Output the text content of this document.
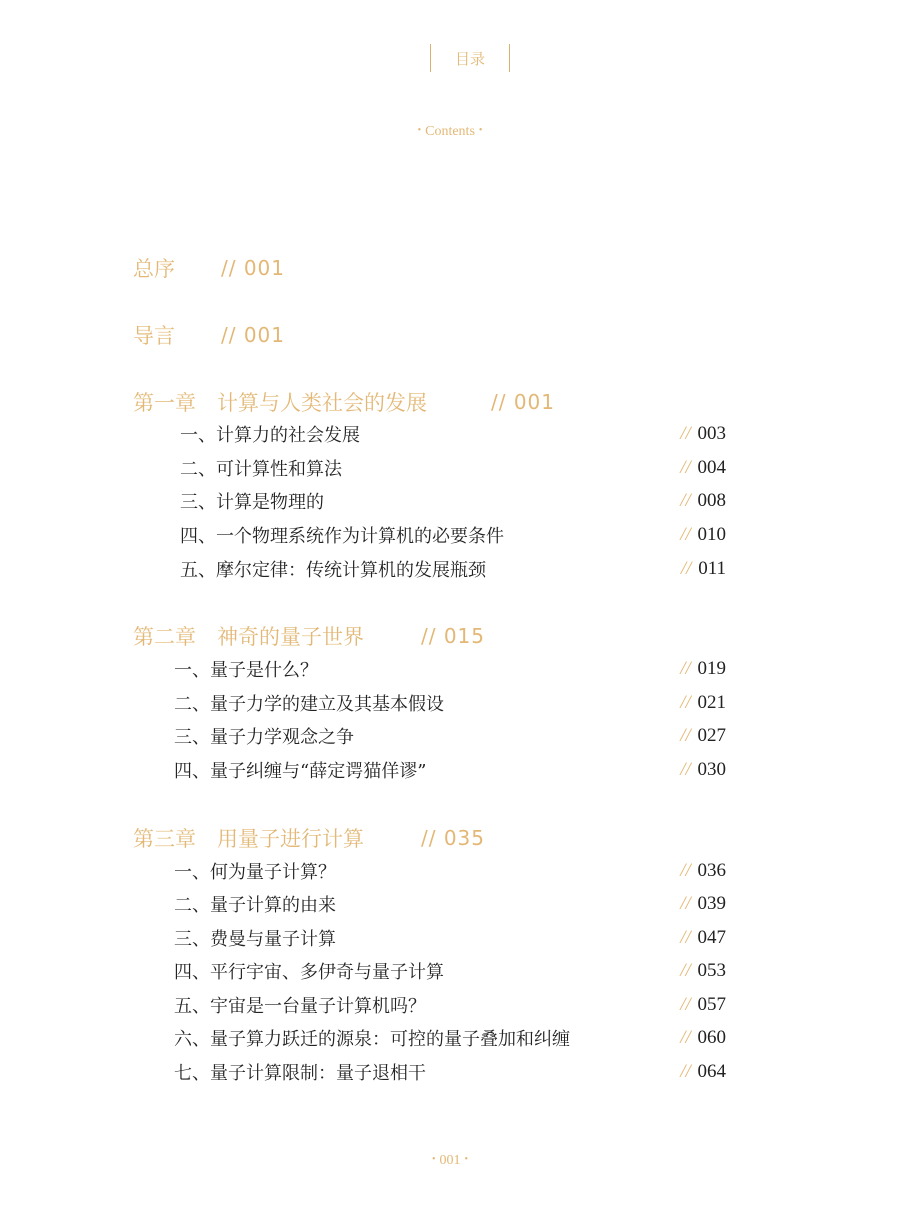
目录
• Contents •
总序	// 001
导言	// 001
第一章　计算与人类社会的发展	// 001
一、计算力的社会发展	// 003
二、可计算性和算法	// 004
三、计算是物理的	// 008
四、一个物理系统作为计算机的必要条件	// 010
五、摩尔定律：传统计算机的发展瓶颈	// 011
第二章　神奇的量子世界	// 015
一、量子是什么？	// 019
二、量子力学的建立及其基本假设	// 021
三、量子力学观念之争	// 027
四、量子纠缠与“薛定谔猫佯谬”	// 030
第三章　用量子进行计算	// 035
一、何为量子计算？	// 036
二、量子计算的由来	// 039
三、费曼与量子计算	// 047
四、平行宇宙、多伊奇与量子计算	// 053
五、宇宙是一台量子计算机吗？	// 057
六、量子算力跃迁的源泉：可控的量子叠加和纠缠	// 060
七、量子计算限制：量子退相干	// 064
• 001 •
